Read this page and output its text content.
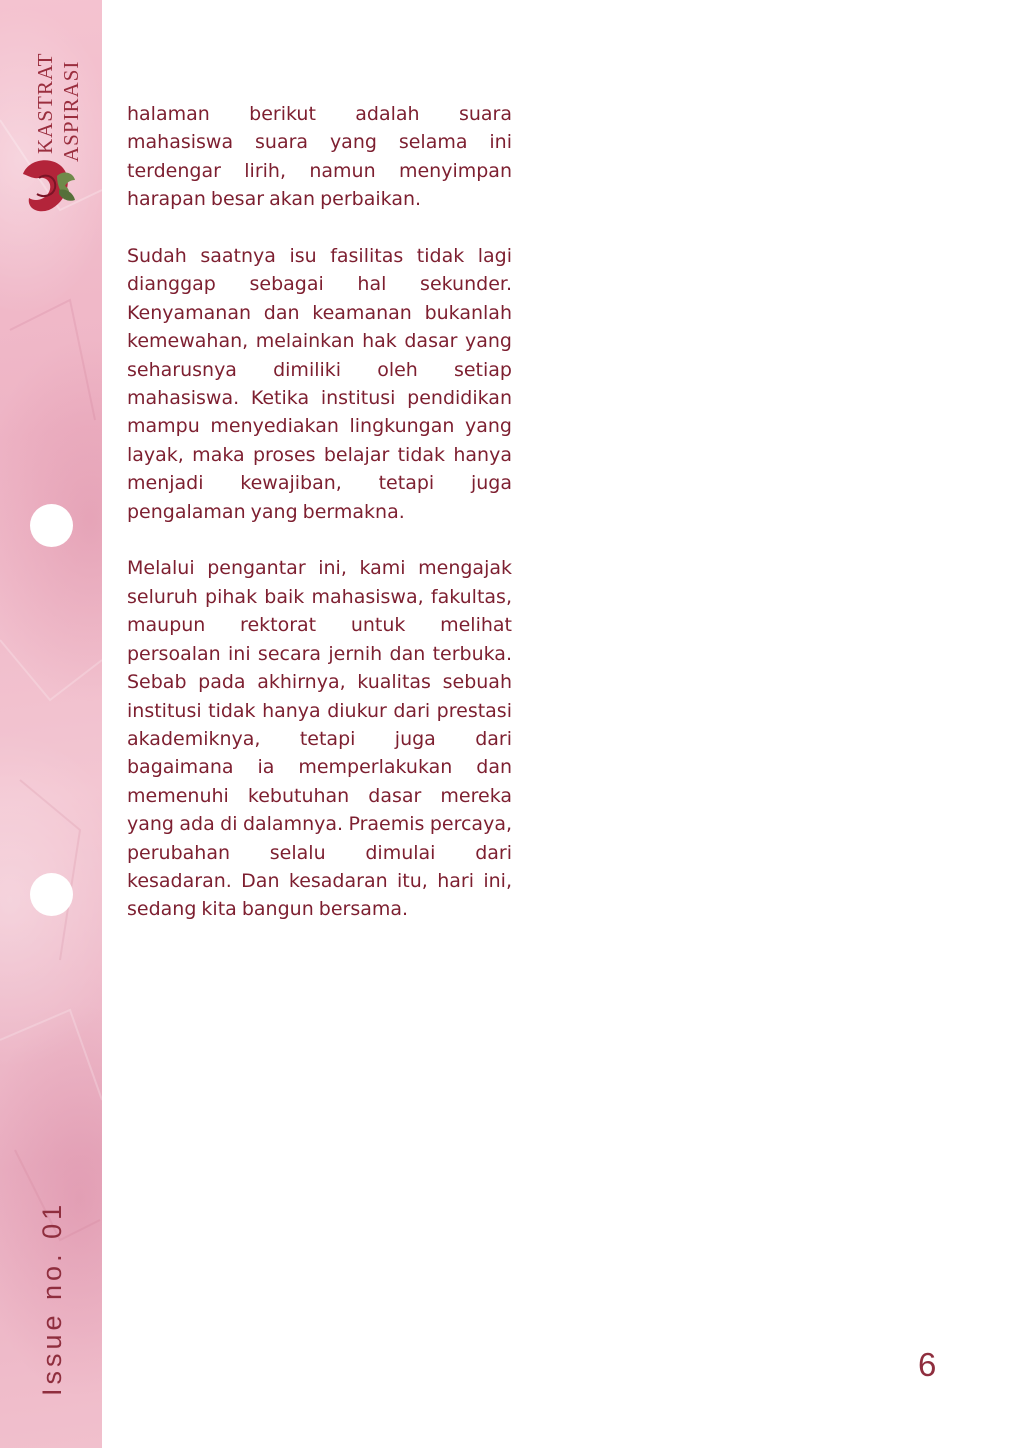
KASTRAT ASPIRASI
Issue no. 01

halaman berikut adalah suara mahasiswa suara yang selama ini terdengar lirih, namun menyimpan harapan besar akan perbaikan.

Sudah saatnya isu fasilitas tidak lagi dianggap sebagai hal sekunder. Kenyamanan dan keamanan bukanlah kemewahan, melainkan hak dasar yang seharusnya dimiliki oleh setiap mahasiswa. Ketika institusi pendidikan mampu menyediakan lingkungan yang layak, maka proses belajar tidak hanya menjadi kewajiban, tetapi juga pengalaman yang bermakna.

Melalui pengantar ini, kami mengajak seluruh pihak baik mahasiswa, fakultas, maupun rektorat untuk melihat persoalan ini secara jernih dan terbuka. Sebab pada akhirnya, kualitas sebuah institusi tidak hanya diukur dari prestasi akademiknya, tetapi juga dari bagaimana ia memperlakukan dan memenuhi kebutuhan dasar mereka yang ada di dalamnya. Praemis percaya, perubahan selalu dimulai dari kesadaran. Dan kesadaran itu, hari ini, sedang kita bangun bersama.

6
